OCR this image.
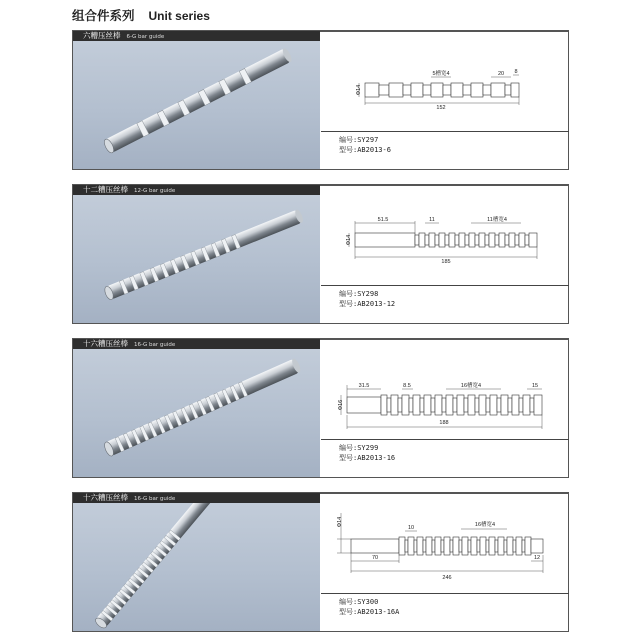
组合件系列 Unit series
六糟压丝棒 6-G bar guide
152
5槽宽4	20 8
Φ14
编号:SY297
型号:AB2013-6
十二糟压丝棒 12-G bar guide
185
51.5	11	11槽宽4
Φ14
编号:SY298
型号:AB2013-12
十六糟压丝棒 16-G bar guide
188
31.5	8.5	16槽宽4	15
Φ16
编号:SY299
型号:AB2013-16
十六糟压丝棒 16-G bar guide
246
70
10	16槽宽4
12
Φ14
编号:SY300
型号:AB2013-16A
